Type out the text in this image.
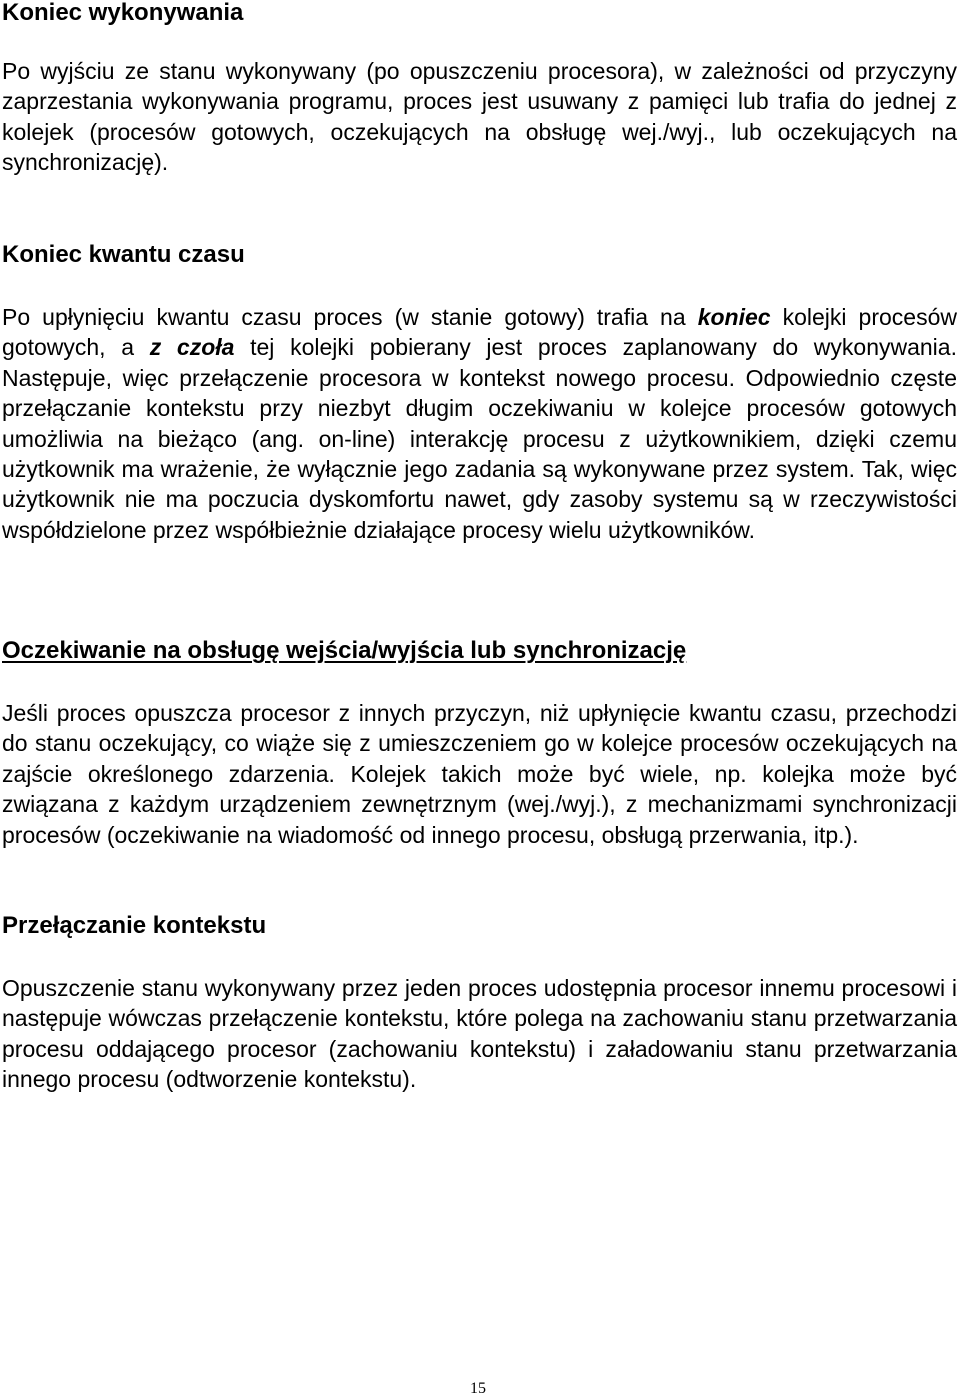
Koniec wykonywania

Po wyjściu ze stanu wykonywany (po opuszczeniu procesora), w zależności od przyczyny zaprzestania wykonywania programu, proces jest usuwany z pamięci lub trafia do jednej z kolejek (procesów gotowych, oczekujących na obsługę wej./wyj., lub oczekujących na synchronizację).

Koniec kwantu czasu

Po upłynięciu kwantu czasu proces (w stanie gotowy) trafia na koniec kolejki procesów gotowych, a z czoła tej kolejki pobierany jest proces zaplanowany do wykonywania. Następuje, więc przełączenie procesora w kontekst nowego procesu. Odpowiednio częste przełączanie kontekstu przy niezbyt długim oczekiwaniu w kolejce procesów gotowych umożliwia na bieżąco (ang. on-line) interakcję procesu z użytkownikiem, dzięki czemu użytkownik ma wrażenie, że wyłącznie jego zadania są wykonywane przez system. Tak, więc użytkownik nie ma poczucia dyskomfortu nawet, gdy zasoby systemu są w rzeczywistości współdzielone przez współbieżnie działające procesy wielu użytkowników.

Oczekiwanie na obsługę wejścia/wyjścia lub synchronizację

Jeśli proces opuszcza procesor z innych przyczyn, niż upłynięcie kwantu czasu, przechodzi do stanu oczekujący, co wiąże się z umieszczeniem go w kolejce procesów oczekujących na zajście określonego zdarzenia. Kolejek takich może być wiele, np. kolejka może być związana z każdym urządzeniem zewnętrznym (wej./wyj.), z mechanizmami synchronizacji procesów (oczekiwanie na wiadomość od innego procesu, obsługą przerwania, itp.).

Przełączanie kontekstu

Opuszczenie stanu wykonywany przez jeden proces udostępnia procesor innemu procesowi i następuje wówczas przełączenie kontekstu, które polega na zachowaniu stanu przetwarzania procesu oddającego procesor (zachowaniu kontekstu) i załadowaniu stanu przetwarzania innego procesu (odtworzenie kontekstu).

15
